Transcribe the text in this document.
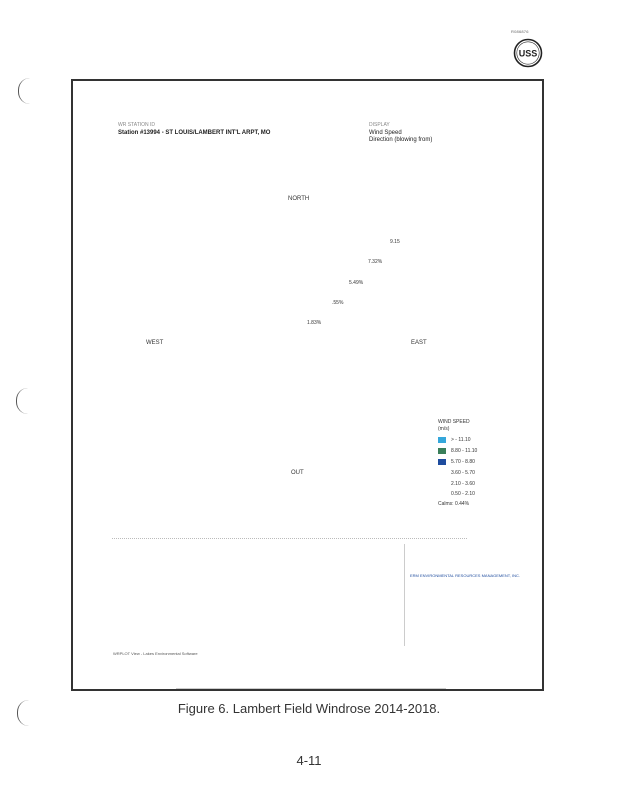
R086876
USS
WR STATION ID
Station #13994 - ST LOUIS/LAMBERT INT'L ARPT, MO
DISPLAY
Wind Speed
Direction (blowing from)
NORTH
WEST	EAST
OUT
9.15
7.32%
5.49%
.55%
1.83%
WIND SPEED
(m/s)
> - 11.10
8.80 - 11.10
5.70 - 8.80
3.60 - 5.70
2.10 - 3.60
0.50 - 2.10
Calms: 0.44%
ERM ENVIRONMENTAL RESOURCES MANAGEMENT, INC.
WRPLOT View - Lakes Environmental Software
Figure 6. Lambert Field Windrose 2014-2018.
4-11
